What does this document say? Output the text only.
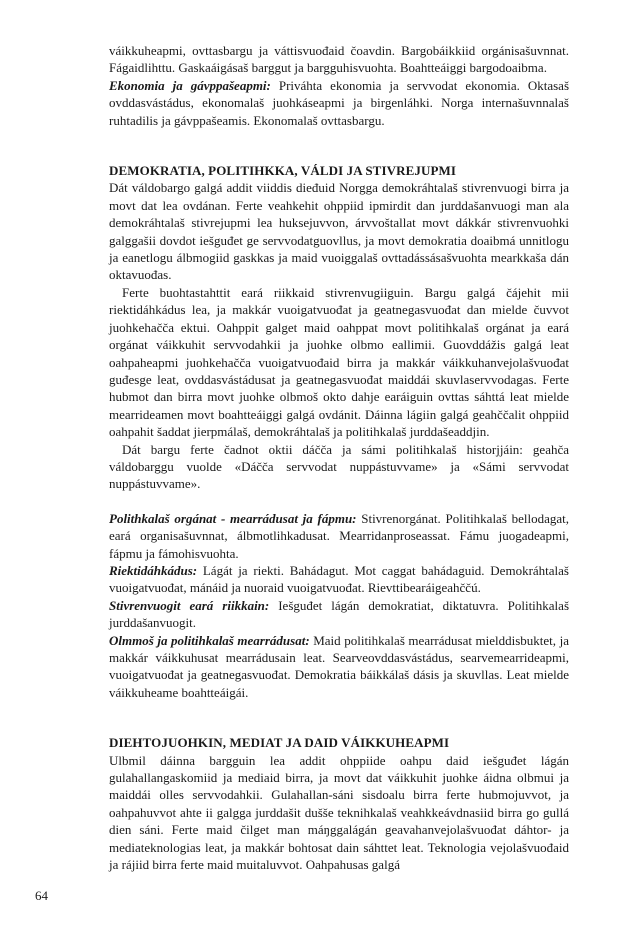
váikkuheapmi, ovttasbargu ja váttisvuođaid čoavdin. Bargobáikkiid orgánisašuvnnat. Fágaidlihttu. Gaskaáigásaš barggut ja bargguhisvuohta. Boahtteáiggi bargodoaibma.

Ekonomia ja gávppašeapmi: Priváhta ekonomia ja servvodat ekonomia. Oktasaš ovddasvástádus, ekonomalaš juohkáseapmi ja birgenláhki. Norga internašuvnnalaš ruhtadilis ja gávppašeamis. Ekonomalaš ovttasbargu.

DEMOKRATIA, POLITIHKKA, VÁLDI JA STIVREJUPMI

Dát váldobargo galgá addit viiddis dieđuid Norgga demokráhtalaš stivrenvuogi birra ja movt dat lea ovdánan. Ferte veahkehit ohppiid ipmirdit dan jurddašanvuogi man ala demokráhtalaš stivrejupmi lea huksejuvvon, árvvoštallat movt dákkár stivrenvuohki galggašii dovdot iešguđet ge servvodatguovllus, ja movt demokratia doaibmá unnitlogu ja eanetlogu álbmogiid gaskkas ja maid vuoiggalaš ovttadássásašvuohta mearkkaša dán oktavuođas.

Ferte buohtastahttit eará riikkaid stivrenvugiiguin. Bargu galgá čájehit mii riektidáhkádus lea, ja makkár vuoigatvuođat ja geatnegasvuođat dan mielde čuvvot juohkehačča ektui. Oahppit galget maid oahppat movt politihkalaš orgánat ja eará orgánat váikkuhit servvodahkii ja juohke olbmo eallimii. Guovddážis galgá leat oahpaheapmi juohkehačča vuoigatvuođaid birra ja makkár váikkuhanvejolašvuođat guđesge leat, ovddasvástádusat ja geatnegasvuođat maiddái skuvlaservvodagas. Ferte hubmot dan birra movt juohke olbmoš okto dahje earáiguin ovttas sáhttá leat mielde mearrideamen movt boahtteáiggi galgá ovdánit. Dáinna lágiin galgá geahččalit ohppiid oahpahit šaddat jierpmálaš, demokráhtalaš ja politihkalaš jurddašeaddjin.

Dát bargu ferte čadnot oktii dáčča ja sámi politihkalaš historjjáin: geahča váldobarggu vuolde «Dáčča servvodat nuppástuvvame» ja «Sámi servvodat nuppástuvvame».

Polithkalaš orgánat - mearrádusat ja fápmu: Stivrenorgánat. Politihkalaš bellodagat, eará organisašuvnnat, álbmotlihkadusat. Mearridanproseassat. Fámu juogadeapmi, fápmu ja fámohisvuohta.

Riektidáhkádus: Lágát ja riekti. Bahádagut. Mot caggat bahádaguid. Demokráhtalaš vuoigatvuođat, mánáid ja nuoraid vuoigatvuođat. Rievttibearáigeahččú.

Stivrenvuogit eará riikkain: Iešguđet lágán demokratiat, diktatuvra. Politihkalaš jurddašanvuogit.

Olmmoš ja politihkalaš mearrádusat: Maid politihkalaš mearrádusat mielddisbuktet, ja makkár váikkuhusat mearrádusain leat. Searveovddasvástádus, searvemearrideapmi, vuoigatvuođat ja geatnegasvuođat. Demokratia báikkálaš dásis ja skuvllas. Leat mielde váikkuheame boahtteáigái.

DIEHTOJUOHKIN, MEDIAT JA DAID VÁIKKUHEAPMI

Ulbmil dáinna bargguin lea addit ohppiide oahpu daid iešguđet lágán gulahallangaskomiid ja mediaid birra, ja movt dat váikkuhit juohke áidna olbmui ja maiddái olles servvodahkii. Gulahallan-sáni sisdoalu birra ferte hubmojuvvot, ja oahpahuvvot ahte ii galgga jurddašit dušše teknihkalaš veahkkeávdnasiid birra go gullá dien sáni. Ferte maid čilget man máŋggalágán geavahanvejolašvuođat dáhtor- ja mediateknologias leat, ja makkár bohtosat dain sáhttet leat. Teknologia vejolašvuođaid ja rájiid birra ferte maid muitaluvvot. Oahpahusas galgá

64
